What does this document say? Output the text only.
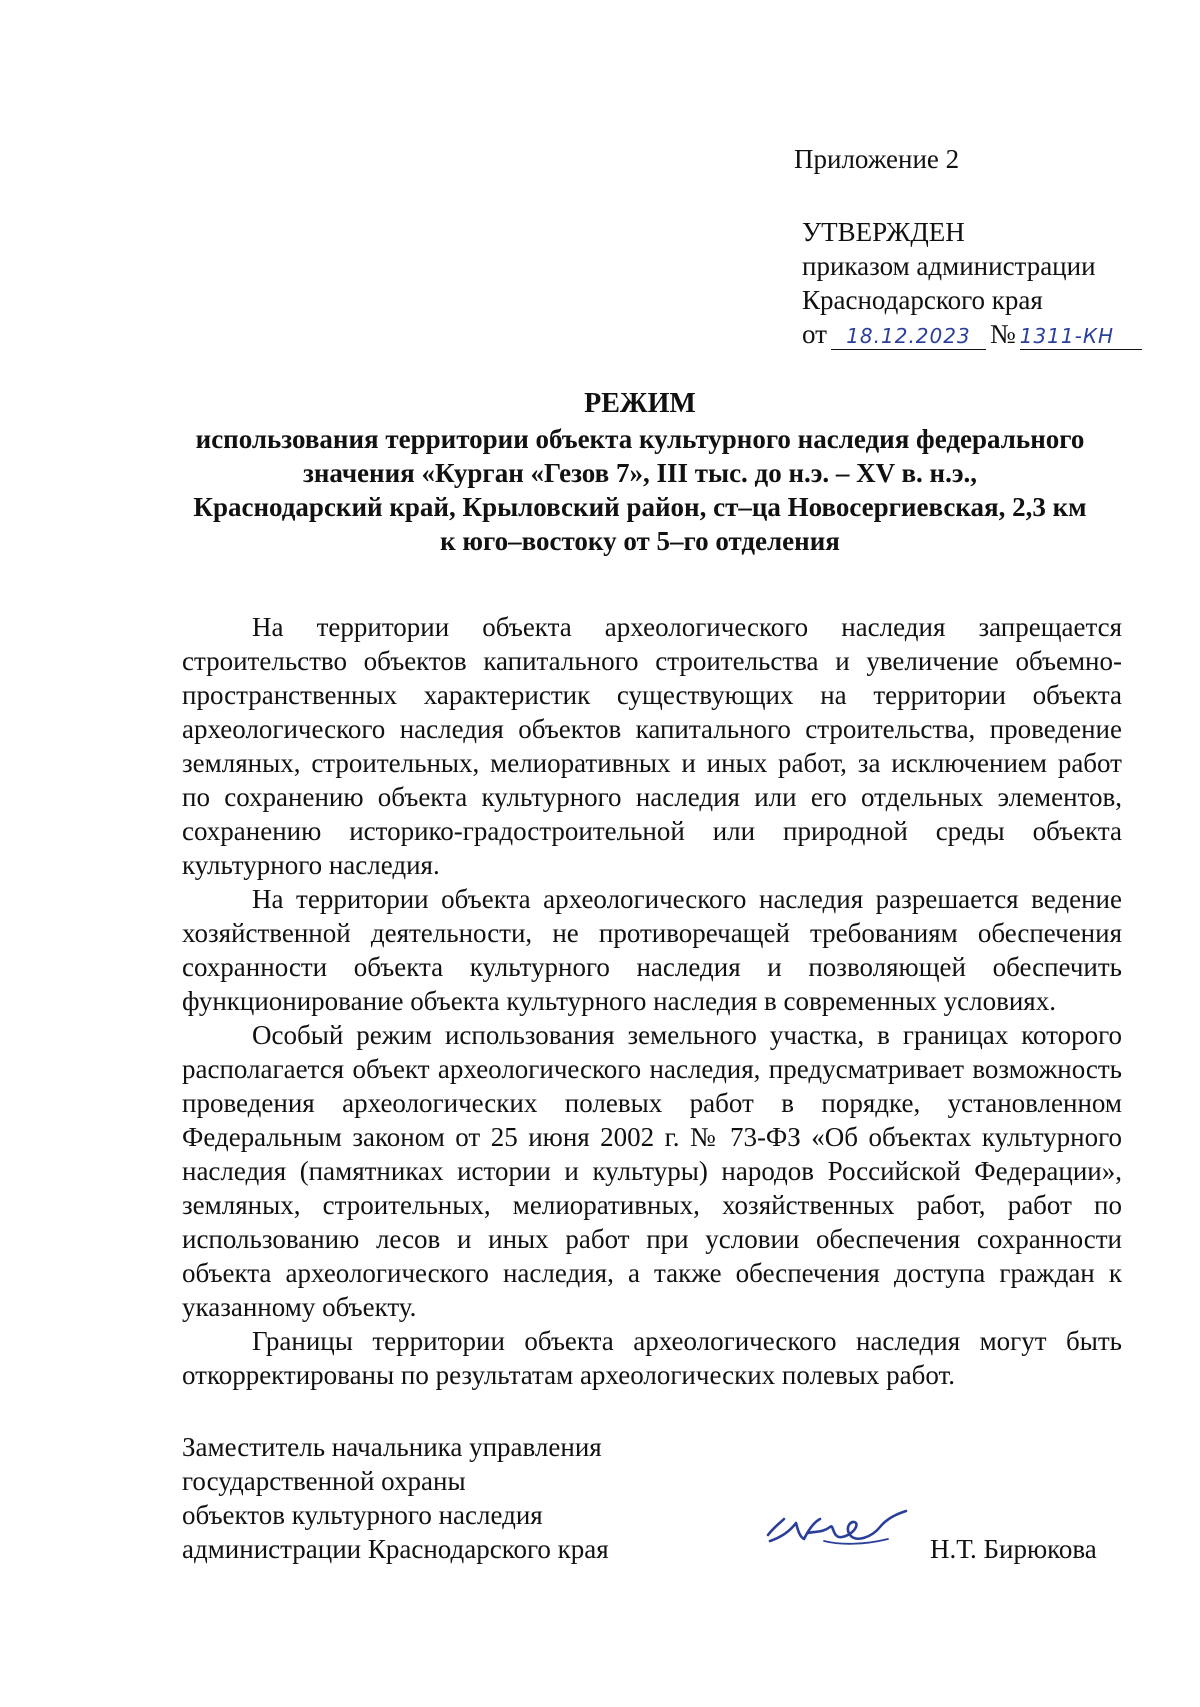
Приложение 2
УТВЕРЖДЕН
приказом администрации
Краснодарского края
от 18.12.2023 № 1311-КН
РЕЖИМ
использования территории объекта культурного наследия федерального
значения «Курган «Гезов 7», III тыс. до н.э. – XV в. н.э.,
Краснодарский край, Крыловский район, ст–ца Новосергиевская, 2,3 км
к юго–востоку от 5–го отделения

На территории объекта археологического наследия запрещается строительство объектов капитального строительства и увеличение объемно-пространственных характеристик существующих на территории объекта археологического наследия объектов капитального строительства, проведение земляных, строительных, мелиоративных и иных работ, за исключением работ по сохранению объекта культурного наследия или его отдельных элементов, сохранению историко-градостроительной или природной среды объекта культурного наследия.

На территории объекта археологического наследия разрешается ведение хозяйственной деятельности, не противоречащей требованиям обеспечения сохранности объекта культурного наследия и позволяющей обеспечить функционирование объекта культурного наследия в современных условиях.

Особый режим использования земельного участка, в границах которого располагается объект археологического наследия, предусматривает возможность проведения археологических полевых работ в порядке, установленном Федеральным законом от 25 июня 2002 г. № 73-ФЗ «Об объектах культурного наследия (памятниках истории и культуры) народов Российской Федерации», земляных, строительных, мелиоративных, хозяйственных работ, работ по использованию лесов и иных работ при условии обеспечения сохранности объекта археологического наследия, а также обеспечения доступа граждан к указанному объекту.

Границы территории объекта археологического наследия могут быть откорректированы по результатам археологических полевых работ.

Заместитель начальника управления
государственной охраны
объектов культурного наследия
администрации Краснодарского края	Н.Т. Бирюкова
